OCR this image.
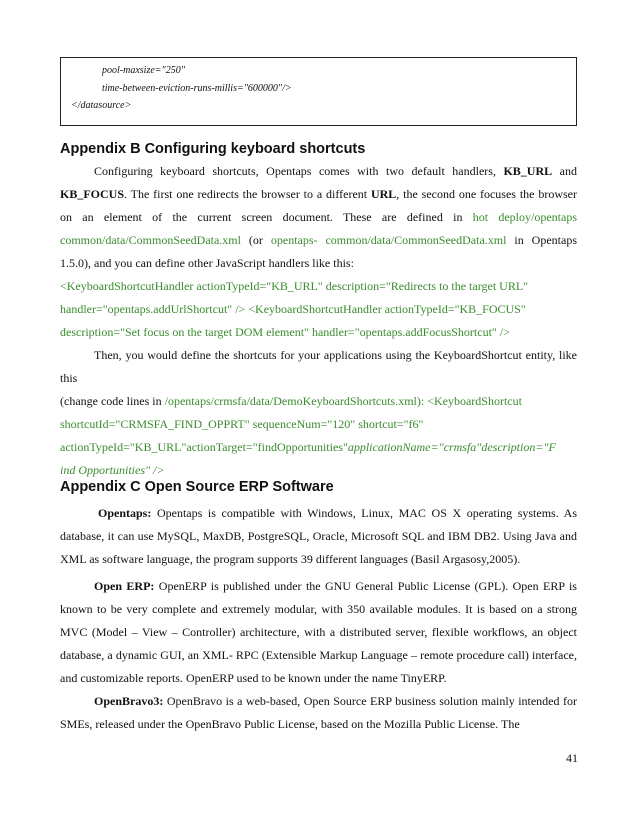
pool-maxsize="250"
time-between-eviction-runs-millis="600000"/>
</datasource>
Appendix B Configuring keyboard shortcuts

Configuring keyboard shortcuts, Opentaps comes with two default handlers, KB_URL and KB_FOCUS. The first one redirects the browser to a different URL, the second one focuses the browser on an element of the current screen document. These are defined in hot deploy/opentaps common/data/CommonSeedData.xml (or opentaps- common/data/CommonSeedData.xml in Opentaps 1.5.0), and you can define other JavaScript handlers like this:

<KeyboardShortcutHandler actionTypeId="KB_URL" description="Redirects to the target URL"
handler="opentaps.addUrlShortcut" /> <KeyboardShortcutHandler actionTypeId="KB_FOCUS"
description="Set focus on the target DOM element" handler="opentaps.addFocusShortcut" />

Then, you would define the shortcuts for your applications using the KeyboardShortcut entity, like this

(change code lines in /opentaps/crmsfa/data/DemoKeyboardShortcuts.xml): <KeyboardShortcut
shortcutId="CRMSFA_FIND_OPPRT" sequenceNum="120" shortcut="f6"
actionTypeId="KB_URL"actionTarget="findOpportunities"applicationName="crmsfa"description="F
ind Opportunities" />
Appendix C Open Source ERP Software

Opentaps: Opentaps is compatible with Windows, Linux, MAC OS X operating systems. As database, it can use MySQL, MaxDB, PostgreSQL, Oracle, Microsoft SQL and IBM DB2. Using Java and XML as software language, the program supports 39 different languages (Basil Argasosy,2005).

Open ERP: OpenERP is published under the GNU General Public License (GPL). Open ERP is known to be very complete and extremely modular, with 350 available modules. It is based on a strong MVC (Model – View – Controller) architecture, with a distributed server, flexible workflows, an object database, a dynamic GUI, an XML- RPC (Extensible Markup Language – remote procedure call) interface, and customizable reports. OpenERP used to be known under the name TinyERP.

OpenBravo3: OpenBravo is a web-based, Open Source ERP business solution mainly intended for SMEs, released under the OpenBravo Public License, based on the Mozilla Public License. The

41
